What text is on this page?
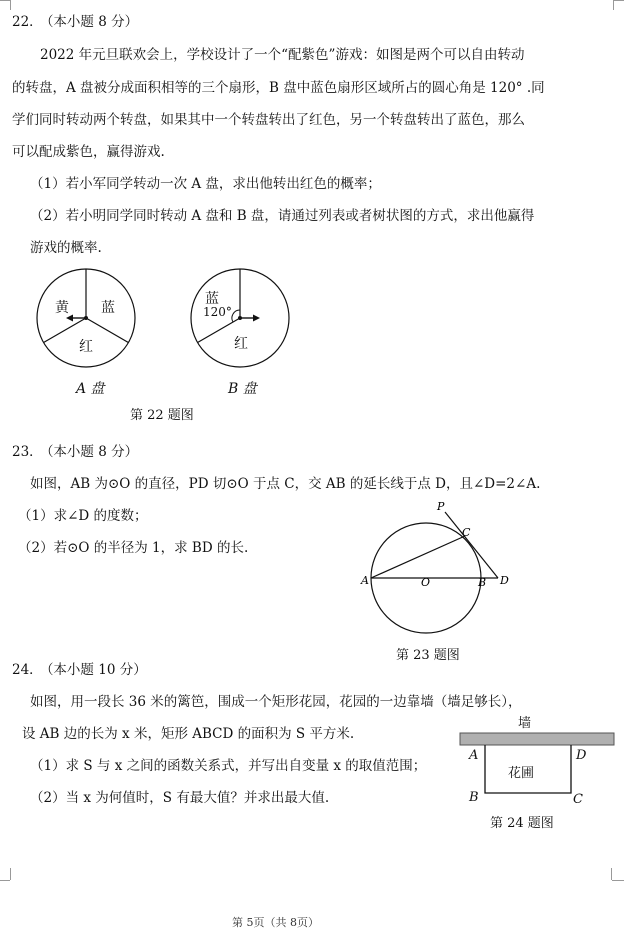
22． （本小题 8 分）
2022 年元旦联欢会上，学校设计了一个“配紫色”游戏：如图是两个可以自由转动
的转盘，A 盘被分成面积相等的三个扇形，B 盘中蓝色扇形区域所占的圆心角是 120° .同
学们同时转动两个转盘，如果其中一个转盘转出了红色，另一个转盘转出了蓝色，那么
可以配成紫色，赢得游戏.
（1）若小军同学转动一次 A 盘，求出他转出红色的概率；
（2）若小明同学同时转动 A 盘和 B 盘，请通过列表或者树状图的方式，求出他赢得
游戏的概率.
黄 蓝
红
A 盘
蓝
120°
红
B 盘
第 22 题图
23． （本小题 8 分）
如图，AB 为⊙O 的直径，PD 切⊙O 于点 C，交 AB 的延长线于点 D，且∠D=2∠A.
（1）求∠D 的度数；
（2）若⊙O 的半径为 1，求 BD 的长.
P
C
A	O	B D
第 23 题图
24． （本小题 10 分）
如图，用一段长 36 米的篱笆，围成一个矩形花园，花园的一边靠墙（墙足够长），
设 AB 边的长为 x 米，矩形 ABCD 的面积为 S 平方米.
（1）求 S 与 x 之间的函数关系式，并写出自变量 x 的取值范围；
（2）当 x 为何值时，S 有最大值？并求出最大值.
墙
花圃
A	D
B	C
第 24 题图
第 5页（共 8页）
